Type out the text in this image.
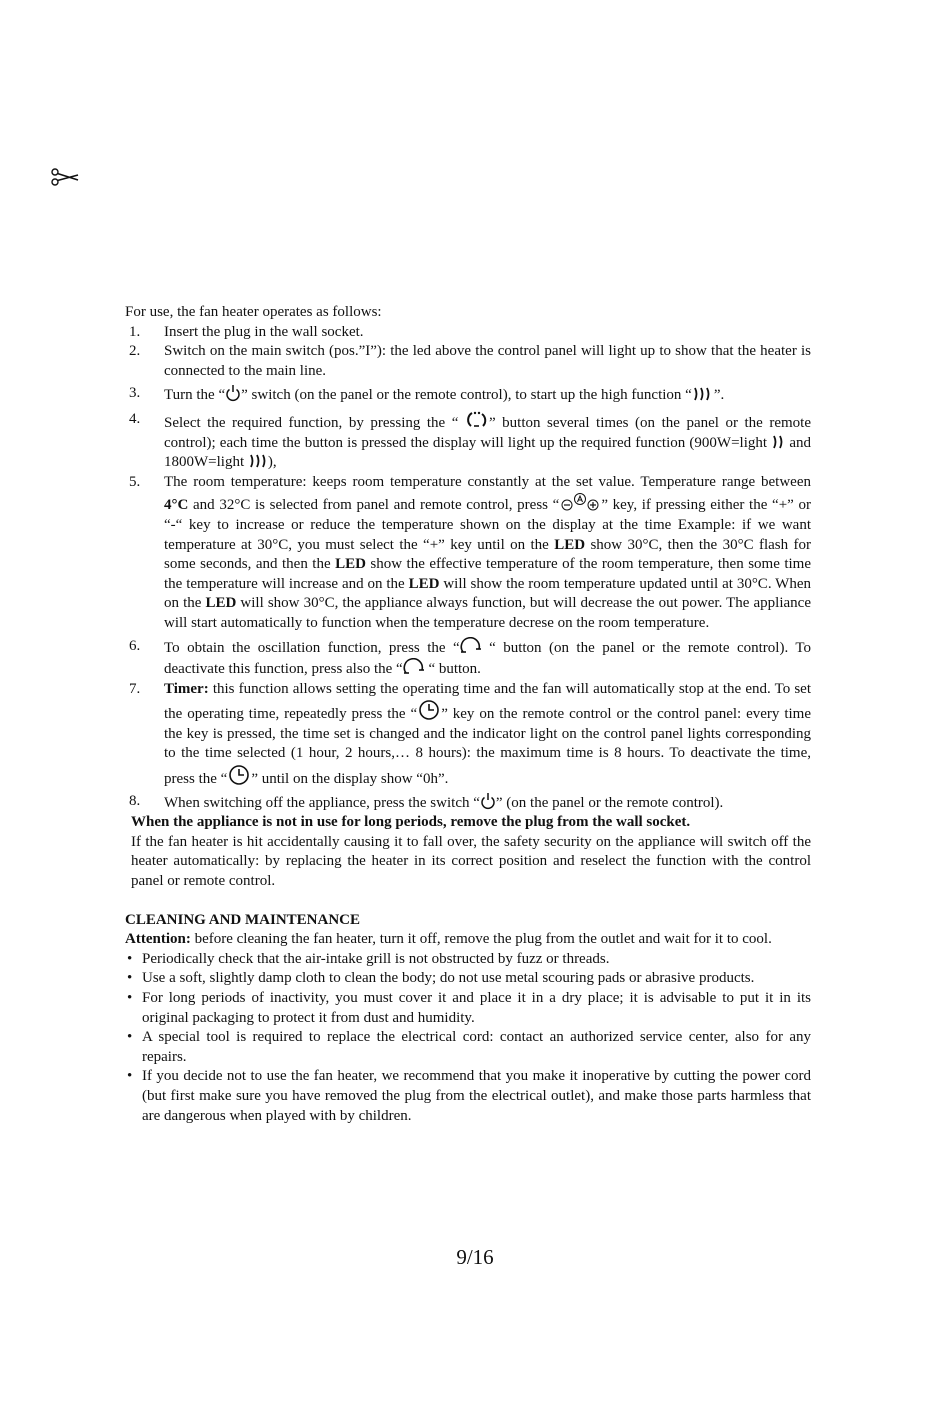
For use, the fan heater operates as follows:

1. Insert the plug in the wall socket.
2. Switch on the main switch (pos.”I”): the led above the control panel will light up to show that the heater is connected to the main line.
3. Turn the “ ” switch (on the panel or the remote control), to start up the high function “ ”.
4. Select the required function, by pressing the “ ” button several times (on the panel or the remote control); each time the button is pressed the display will light up the required function (900W=light  and 1800W=light ),
5. The room temperature: keeps room temperature constantly at the set value. Temperature range between 4°C and 32°C is selected from panel and remote control, press “	” key, if pressing either the “+” or “-“ key to increase or reduce the temperature shown on the display at the time Example: if we want temperature at 30°C, you must select the “+” key until on the LED show 30°C, then the 30°C flash for some seconds, and then the LED show the effective temperature of the room temperature, then some time the temperature will increase and on the LED will show the room temperature updated until at 30°C. When on the LED will show 30°C, the appliance always function, but will decrease the out power. The appliance will start automatically to function when the temperature decrese on the room temperature.
6. To obtain the oscillation function, press the “ “ button (on the panel or the remote control). To deactivate this function, press also the “ “ button.
7. Timer: this function allows setting the operating time and the fan will automatically stop at the end. To set the operating time, repeatedly press the “ ” key on the remote control or the control panel: every time the key is pressed, the time set is changed and the indicator light on the control panel lights corresponding to the time selected (1 hour, 2 hours,… 8 hours): the maximum time is 8 hours. To deactivate the time, press the “ ” until on the display show “0h”.
8. When switching off the appliance, press the switch “ ” (on the panel or the remote control).

When the appliance is not in use for long periods, remove the plug from the wall socket.

If the fan heater is hit accidentally causing it to fall over, the safety security on the appliance will switch off the heater automatically: by replacing the heater in its correct position and reselect the function with the control panel or remote control.

CLEANING AND MAINTENANCE

Attention: before cleaning the fan heater, turn it off, remove the plug from the outlet and wait for it to cool.

• Periodically check that the air-intake grill is not obstructed by fuzz or threads.
• Use a soft, slightly damp cloth to clean the body; do not use metal scouring pads or abrasive products.
• For long periods of inactivity, you must cover it and place it in a dry place; it is advisable to put it in its original packaging to protect it from dust and humidity.
• A special tool is required to replace the electrical cord: contact an authorized service center, also for any repairs.
• If you decide not to use the fan heater, we recommend that you make it inoperative by cutting the power cord (but first make sure you have removed the plug from the electrical outlet), and make those parts harmless that are dangerous when played with by children.
9/16
